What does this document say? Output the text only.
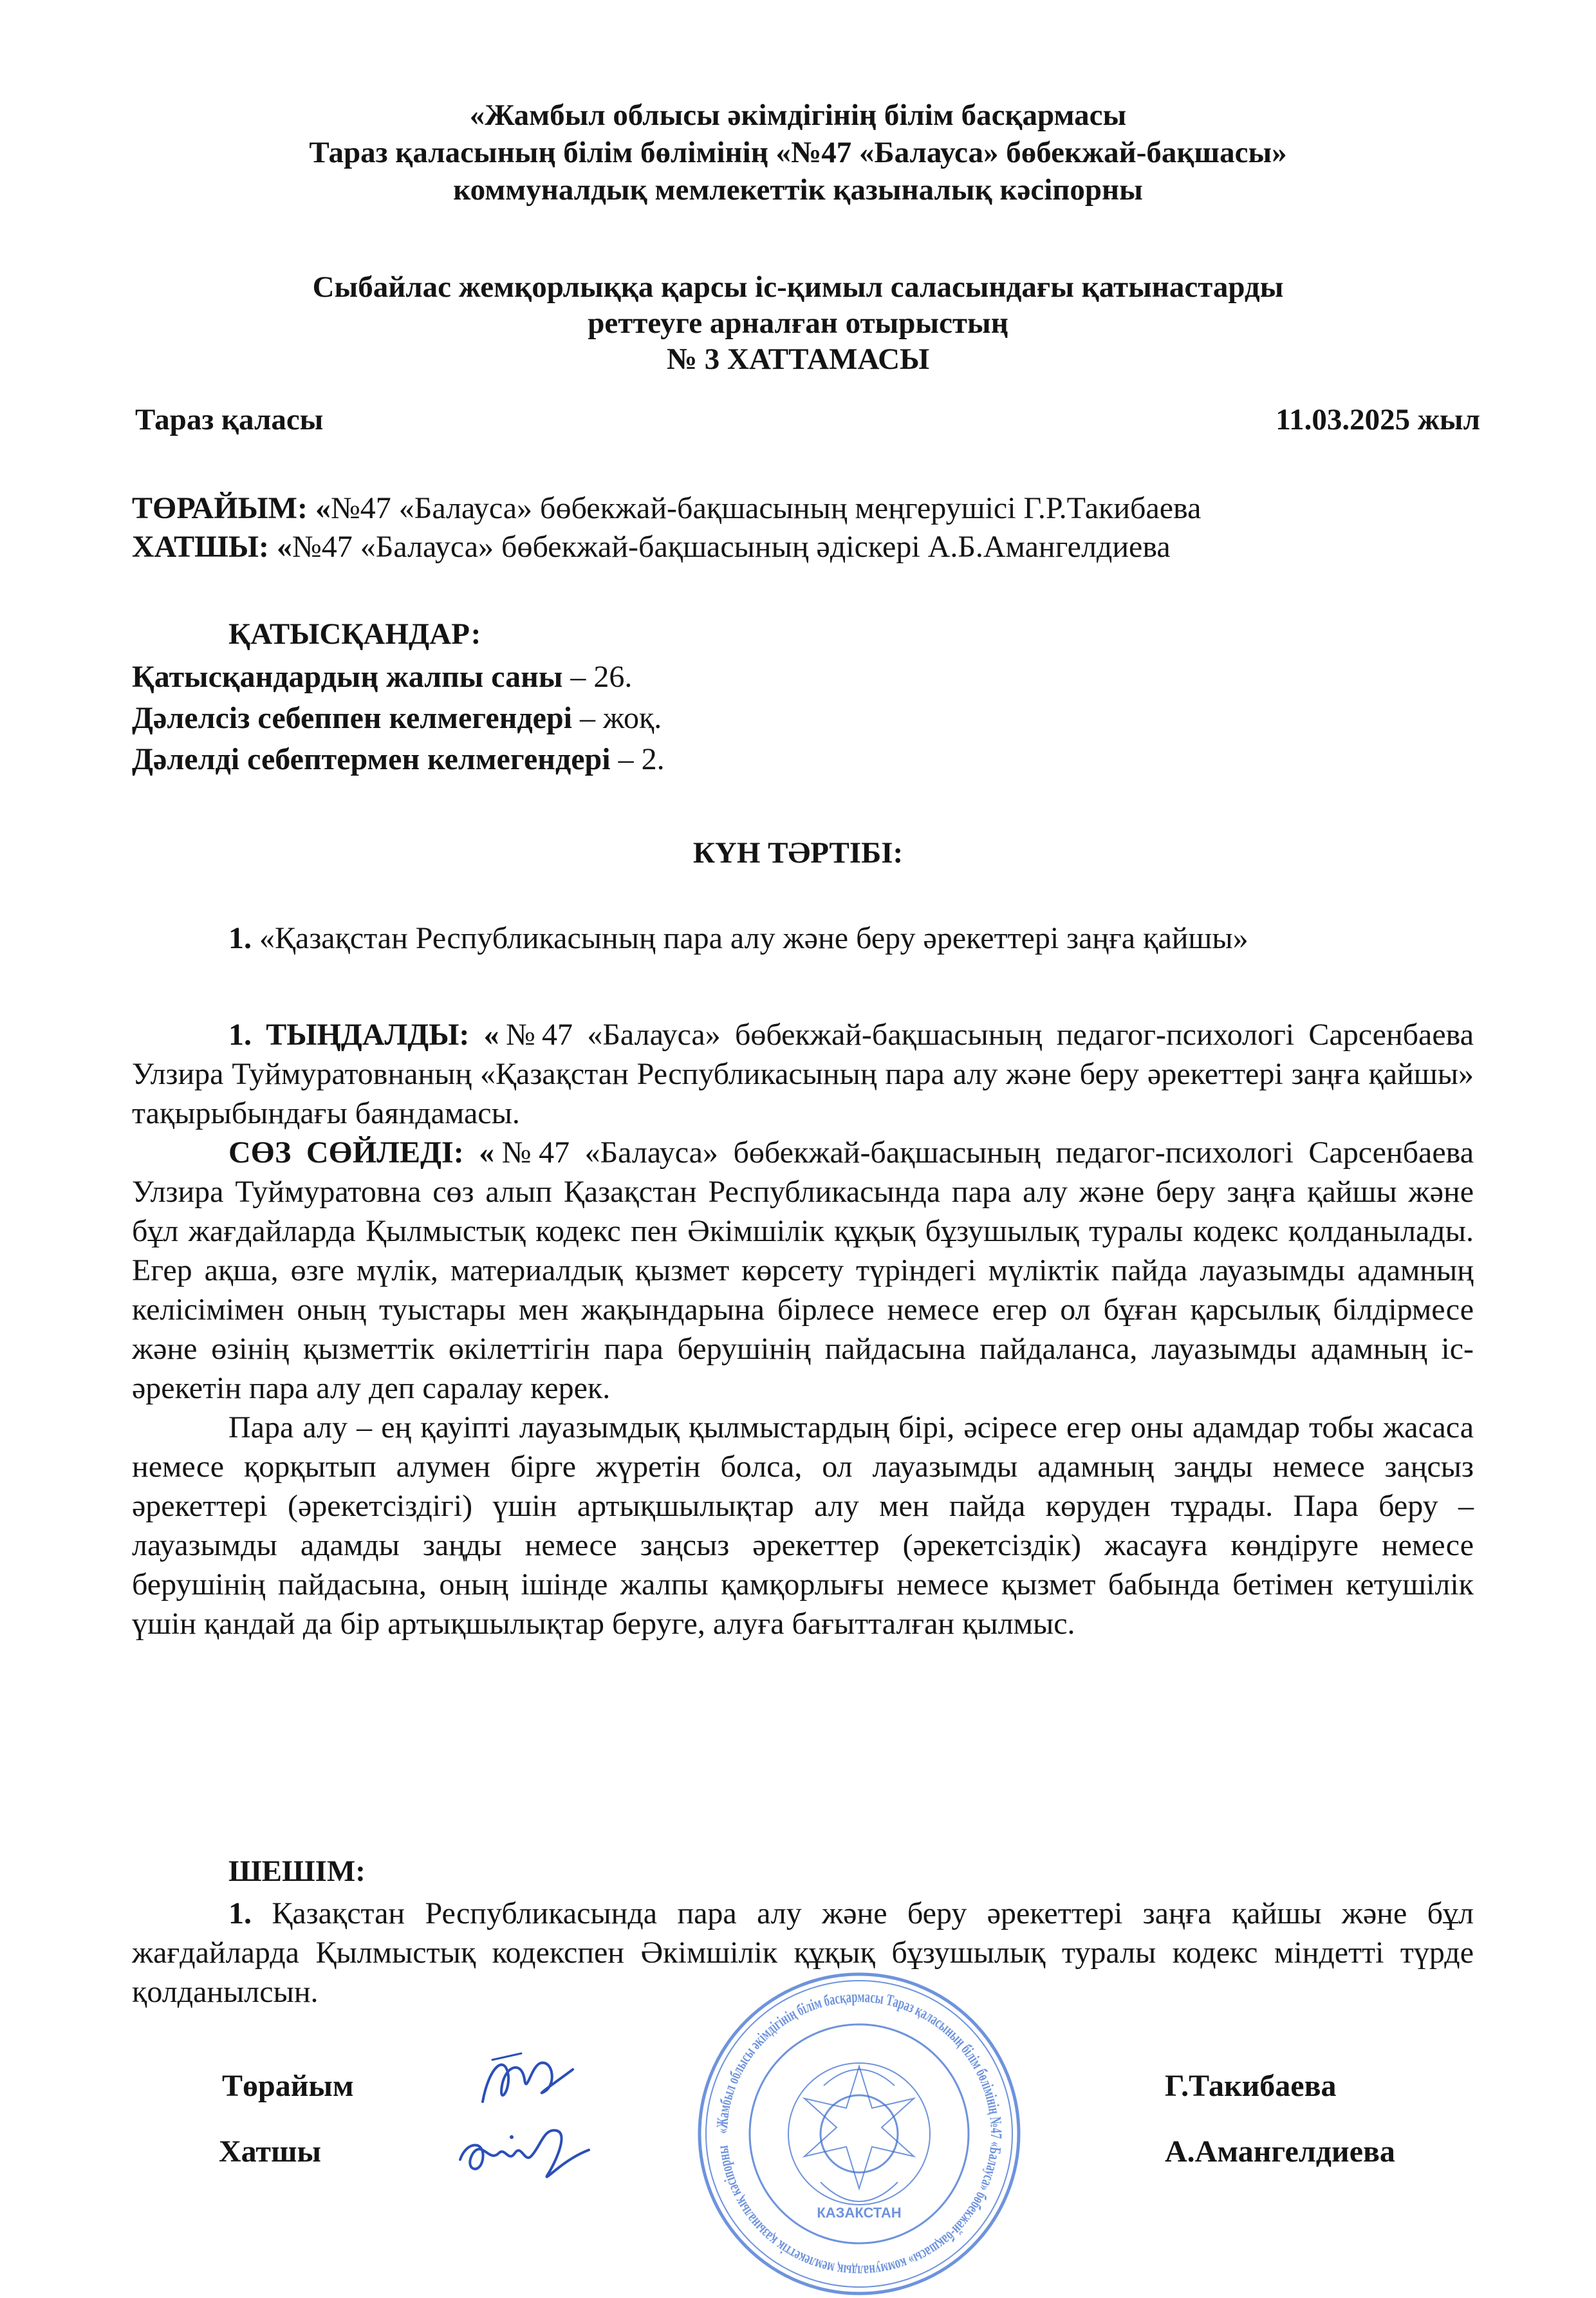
«Жамбыл облысы әкімдігінің білім басқармасы
Тараз қаласының білім бөлімінің «№47 «Балауса» бөбекжай-бақшасы»
коммуналдық мемлекеттік қазыналық кәсіпорны
Сыбайлас жемқорлыққа қарсы іс-қимыл саласындағы қатынастарды
реттеуге арналған отырыстың
№ 3 ХАТТАМАСЫ
Тараз қаласы	11.03.2025 жыл
ТӨРАЙЫМ: «№47 «Балауса» бөбекжай-бақшасының меңгерушісі Г.Р.Такибаева
ХАТШЫ: «№47 «Балауса» бөбекжай-бақшасының әдіскері А.Б.Амангелдиева
ҚАТЫСҚАНДАР:
Қатысқандардың жалпы саны – 26.
Дәлелсіз себеппен келмегендері – жоқ.
Дәлелді себептермен келмегендері – 2.
КҮН ТӘРТІБІ:
1. «Қазақстан Республикасының пара алу және беру әрекеттері заңға қайшы»

1. ТЫҢДАЛДЫ: «№47 «Балауса» бөбекжай-бақшасының педагог-психологі Сарсенбаева Улзира Туймуратовнаның «Қазақстан Республикасының пара алу және беру әрекеттері заңға қайшы» тақырыбындағы баяндамасы.

СӨЗ СӨЙЛЕДІ: «№47 «Балауса» бөбекжай-бақшасының педагог-психологі Сарсенбаева Улзира Туймуратовна сөз алып Қазақстан Республикасында пара алу және беру заңға қайшы және бұл жағдайларда Қылмыстық кодекс пен Әкімшілік құқық бұзушылық туралы кодекс қолданылады. Егер ақша, өзге мүлік, материалдық қызмет көрсету түріндегі мүліктік пайда лауазымды адамның келісімімен оның туыстары мен жақындарына бірлесе немесе егер ол бұған қарсылық білдірмесе және өзінің қызметтік өкілеттігін пара берушінің пайдасына пайдаланса, лауазымды адамның іс-әрекетін пара алу деп саралау керек.

Пара алу – ең қауіпті лауазымдық қылмыстардың бірі, әсіресе егер оны адамдар тобы жасаса немесе қорқытып алумен бірге жүретін болса, ол лауазымды адамның заңды немесе заңсыз әрекеттері (әрекетсіздігі) үшін артықшылықтар алу мен пайда көруден тұрады. Пара беру – лауазымды адамды заңды немесе заңсыз әрекеттер (әрекетсіздік) жасауға көндіруге немесе берушінің пайдасына, оның ішінде жалпы қамқорлығы немесе қызмет бабында бетімен кетушілік үшін қандай да бір артықшылықтар беруге, алуға бағытталған қылмыс.

ШЕШІМ:

1. Қазақстан Республикасында пара алу және беру әрекеттері заңға қайшы және бұл жағдайларда Қылмыстық кодекспен Әкімшілік құқық бұзушылық туралы кодекс міндетті түрде қолданылсын.

«Жамбыл облысы әкімдігінің білім басқармасы Тараз қаласының білім бөлімінің №47 «Балауса» бөбекжай-бақшасы» коммуналдық мемлекеттік қазыналық кәсіпорны
КАЗАКСТАН
Төрайым	Г.Такибаева
Хатшы	А.Амангелдиева
